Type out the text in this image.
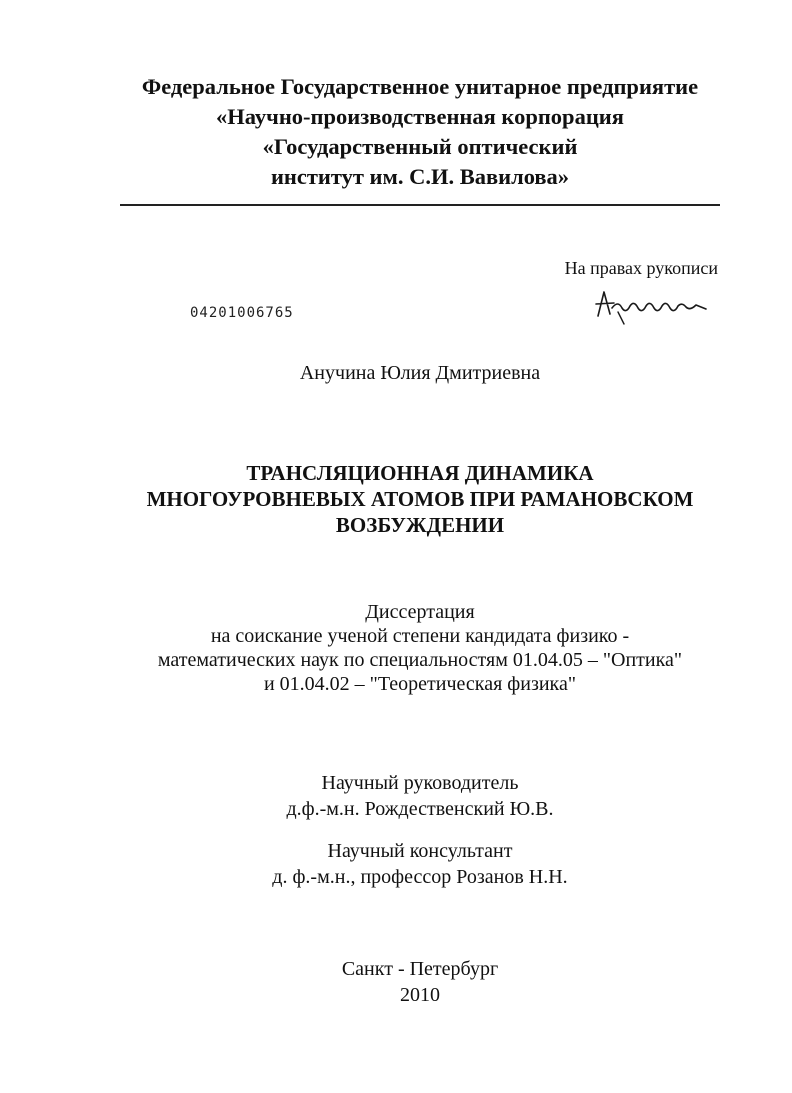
Федеральное Государственное унитарное предприятие
«Научно-производственная корпорация
«Государственный оптический
институт им. С.И. Вавилова»
На правах рукописи
04201006765
Анучина Юлия Дмитриевна
ТРАНСЛЯЦИОННАЯ ДИНАМИКА
МНОГОУРОВНЕВЫХ АТОМОВ ПРИ РАМАНОВСКОМ
ВОЗБУЖДЕНИИ
Диссертация
на соискание ученой степени кандидата физико -
математических наук по специальностям 01.04.05 – "Оптика"
и 01.04.02 – "Теоретическая физика"
Научный руководитель
д.ф.-м.н. Рождественский Ю.В.
Научный консультант
д. ф.-м.н., профессор Розанов Н.Н.
Санкт - Петербург
2010
